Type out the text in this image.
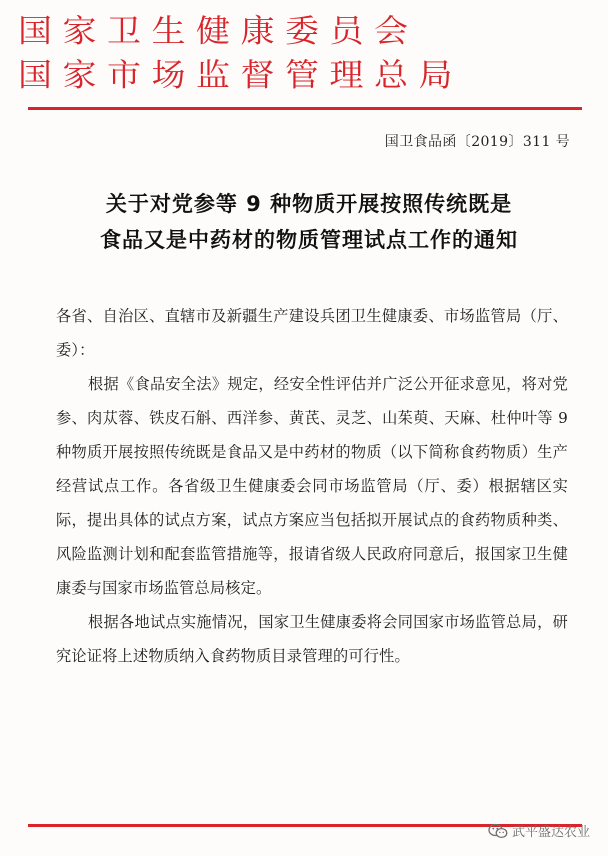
国家卫生健康委员会
国家市场监督管理总局
国卫食品函〔2019〕311 号
关于对党参等 9 种物质开展按照传统既是
食品又是中药材的物质管理试点工作的通知

各省、自治区、直辖市及新疆生产建设兵团卫生健康委、市场监管局（厅、委）：

根据《食品安全法》规定，经安全性评估并广泛公开征求意见，将对党参、肉苁蓉、铁皮石斛、西洋参、黄芪、灵芝、山茱萸、天麻、杜仲叶等 9 种物质开展按照传统既是食品又是中药材的物质（以下简称食药物质）生产经营试点工作。各省级卫生健康委会同市场监管局（厅、委）根据辖区实际，提出具体的试点方案，试点方案应当包括拟开展试点的食药物质种类、风险监测计划和配套监管措施等，报请省级人民政府同意后，报国家卫生健康委与国家市场监管总局核定。

根据各地试点实施情况，国家卫生健康委将会同国家市场监管总局，研究论证将上述物质纳入食药物质目录管理的可行性。

武平盛达农业
